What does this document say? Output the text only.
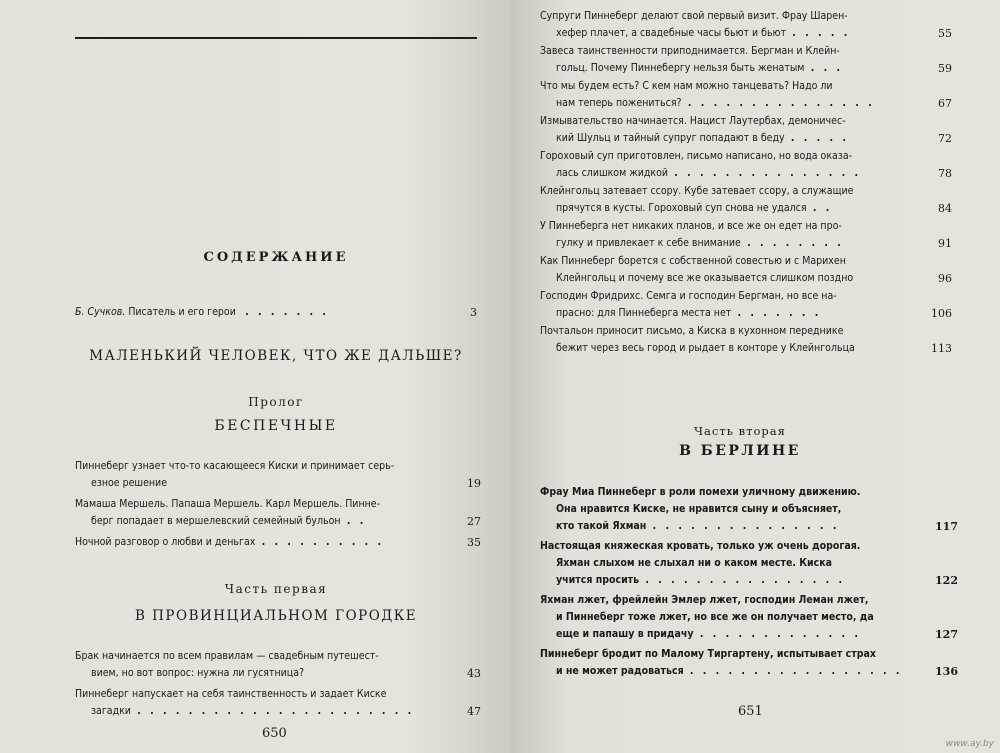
СОДЕРЖАНИЕ
Б. Сучков. Писатель и его герои  . . . . . . .	3
МАЛЕНЬКИЙ ЧЕЛОВЕК, ЧТО ЖЕ ДАЛЬШЕ?
Пролог
БЕСПЕЧНЫЕ
Пиннеберг узнает что-то касающееся Киски и принимает серь-
езное решение	19
Мамаша Мершель. Папаша Мершель. Карл Мершель. Пинне-
берг попадает в мершелевский семейный бульон . .	27
Ночной разговор о любви и деньгах . . . . . . . . . .	35
Часть первая
В ПРОВИНЦИАЛЬНОМ ГОРОДКЕ
Брак начинается по всем правилам — свадебным путешест-
вием, но вот вопрос: нужна ли гусятница?	43
Пиннеберг напускает на себя таинственность и задает Киске
загадки . . . . . . . . . . . . . . . . . . . . . .	47
650
Супруги Пиннеберг делают свой первый визит. Фрау Шарен-
хефер плачет, а свадебные часы бьют и бьют . . . . .	55
Завеса таинственности приподнимается. Бергман и Клейн-
гольц. Почему Пиннебергу нельзя быть женатым . . .	59
Что мы будем есть? С кем нам можно танцевать? Надо ли
нам теперь пожениться? . . . . . . . . . . . . . . .	67
Измывательство начинается. Нацист Лаутербах, демоничес-
кий Шульц и тайный супруг попадают в беду . . . . .	72
Гороховый суп приготовлен, письмо написано, но вода оказа-
лась слишком жидкой . . . . . . . . . . . . . . .	78
Клейнгольц затевает ссору. Кубе затевает ссору, а служащие
прячутся в кусты. Гороховый суп снова не удался . .	84
У Пиннеберга нет никаких планов, и все же он едет на про-
гулку и привлекает к себе внимание . . . . . . . .	91
Как Пиннеберг борется с собственной совестью и с Марихен
Клейнгольц и почему все же оказывается слишком поздно	96
Господин Фридрихс. Семга и господин Бергман, но все на-
прасно: для Пиннеберга места нет . . . . . . .	106
Почтальон приносит письмо, а Киска в кухонном переднике
бежит через весь город и рыдает в конторе у Клейнгольца	113
Часть вторая
В БЕРЛИНЕ
Фрау Миа Пиннеберг в роли помехи уличному движению.
Она нравится Киске, не нравится сыну и объясняет,
кто такой Яхман . . . . . . . . . . . . . . .	117
Настоящая княжеская кровать, только уж очень дорогая.
Яхман слыхом не слыхал ни о каком месте. Киска
учится просить . . . . . . . . . . . . . . . .	122
Яхман лжет, фрейлейн Эмлер лжет, господин Леман лжет,
и Пиннеберг тоже лжет, но все же он получает место, да
еще и папашу в придачу . . . . . . . . . . . . .	127
Пиннеберг бродит по Малому Тиргартену, испытывает страх
и не может радоваться . . . . . . . . . . . . . . . . .	136
651
www.ay.by
